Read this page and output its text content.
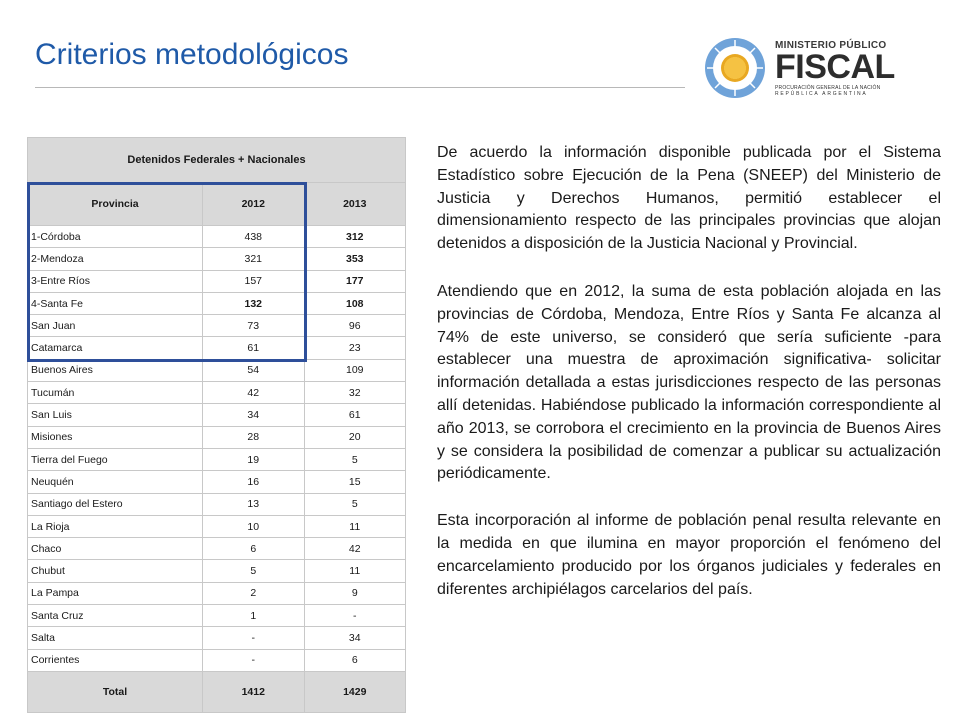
Criterios metodológicos	MINISTERIO PÚBLICO
FISCAL
PROCURACIÓN GENERAL DE LA NACIÓN
REPÚBLICA ARGENTINA
Detenidos Federales + Nacionales		
Provincia	2012	2013
1-Córdoba	438	312
2-Mendoza	321	353
3-Entre Ríos	157	177
4-Santa Fe	132	108
San Juan	73	96
Catamarca	61	23
Buenos Aires	54	109
Tucumán	42	32
San Luis	34	61
Misiones	28	20
Tierra del Fuego	19	5
Neuquén	16	15
Santiago del Estero	13	5
La Rioja	10	11
Chaco	6	42
Chubut	5	11
La Pampa	2	9
Santa Cruz	1	-
Salta	-	34
Corrientes	-	6
Total	1412	1429

De acuerdo la información disponible publicada por el Sistema Estadístico sobre Ejecución de la Pena (SNEEP) del Ministerio de Justicia y Derechos Humanos, permitió establecer el dimensionamiento respecto de las principales provincias que alojan detenidos a disposición de la Justicia Nacional y Provincial.

Atendiendo que en 2012, la suma de esta población alojada en las provincias de Córdoba, Mendoza, Entre Ríos y Santa Fe alcanza al 74% de este universo, se consideró que sería suficiente -para establecer una muestra de aproximación significativa- solicitar información detallada a estas jurisdicciones respecto de las personas allí detenidas. Habiéndose publicado la información correspondiente al año 2013, se corrobora el crecimiento en la provincia de Buenos Aires y se considera la posibilidad de comenzar a publicar su actualización periódicamente.

Esta incorporación al informe de población penal resulta relevante en la medida en que ilumina en mayor proporción el fenómeno del encarcelamiento producido por los órganos judiciales y federales en diferentes archipiélagos carcelarios del país.
